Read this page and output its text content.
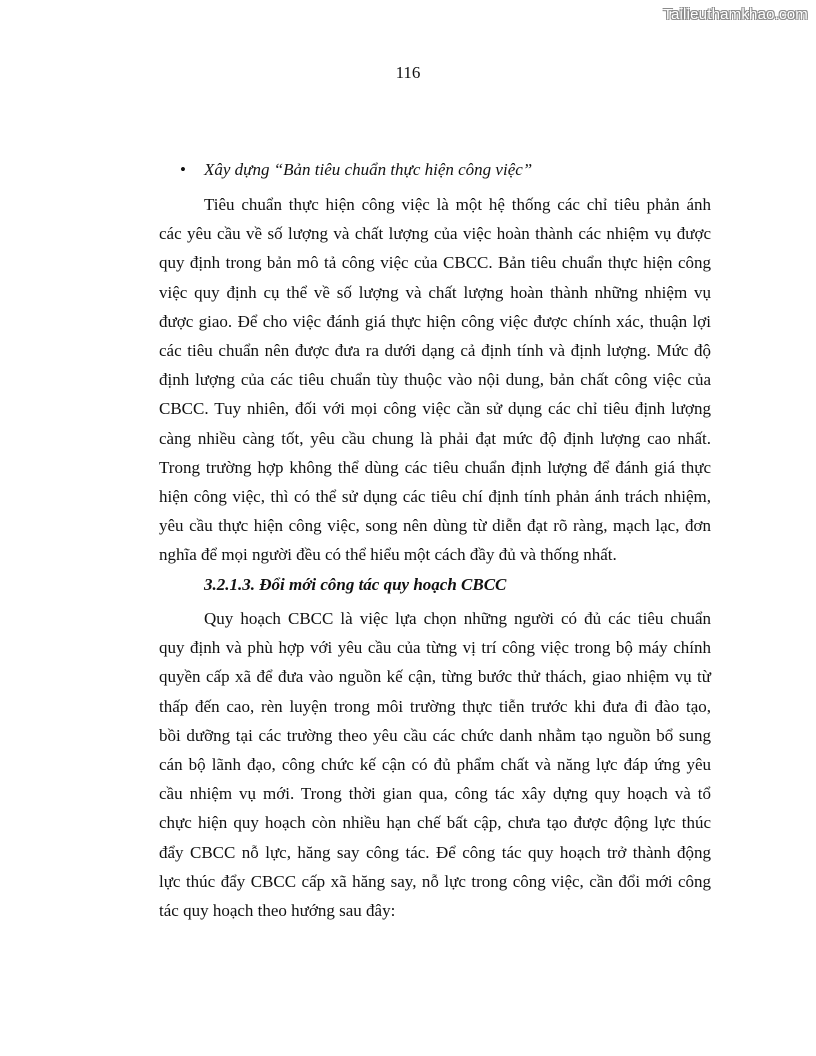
Tailieuthamkhao.com
116
• Xây dựng “Bản tiêu chuẩn thực hiện công việc”
Tiêu chuẩn thực hiện công việc là một hệ thống các chỉ tiêu phản ánh
các yêu cầu về số lượng và chất lượng của việc hoàn thành các nhiệm vụ được
quy định trong bản mô tả công việc của CBCC. Bản tiêu chuẩn thực hiện công
việc quy định cụ thể về số lượng và chất lượng hoàn thành những nhiệm vụ
được giao. Để cho việc đánh giá thực hiện công việc được chính xác, thuận lợi
các tiêu chuẩn nên được đưa ra dưới dạng cả định tính và định lượng. Mức độ
định lượng của các tiêu chuẩn tùy thuộc vào nội dung, bản chất công việc của
CBCC. Tuy nhiên, đối với mọi công việc cần sử dụng các chỉ tiêu định lượng
càng nhiều càng tốt, yêu cầu chung là phải đạt mức độ định lượng cao nhất.
Trong trường hợp không thể dùng các tiêu chuẩn định lượng để đánh giá thực
hiện công việc, thì có thể sử dụng các tiêu chí định tính phản ánh trách nhiệm,
yêu cầu thực hiện công việc, song nên dùng từ diễn đạt rõ ràng, mạch lạc, đơn
nghĩa để mọi người đều có thể hiểu một cách đầy đủ và thống nhất.
3.2.1.3. Đổi mới công tác quy hoạch CBCC
Quy hoạch CBCC là việc lựa chọn những người có đủ các tiêu chuẩn
quy định và phù hợp với yêu cầu của từng vị trí công việc trong bộ máy chính
quyền cấp xã để đưa vào nguồn kế cận, từng bước thử thách, giao nhiệm vụ từ
thấp đến cao, rèn luyện trong môi trường thực tiễn trước khi đưa đi đào tạo,
bồi dưỡng tại các trường theo yêu cầu các chức danh nhằm tạo nguồn bổ sung
cán bộ lãnh đạo, công chức kế cận có đủ phẩm chất và năng lực đáp ứng yêu
cầu nhiệm vụ mới. Trong thời gian qua, công tác xây dựng quy hoạch và tổ
chực hiện quy hoạch còn nhiều hạn chế bất cập, chưa tạo được động lực thúc
đẩy CBCC nỗ lực, hăng say công tác. Để công tác quy hoạch trở thành động
lực thúc đẩy CBCC cấp xã hăng say, nỗ lực trong công việc, cần đổi mới công
tác quy hoạch theo hướng sau đây:
